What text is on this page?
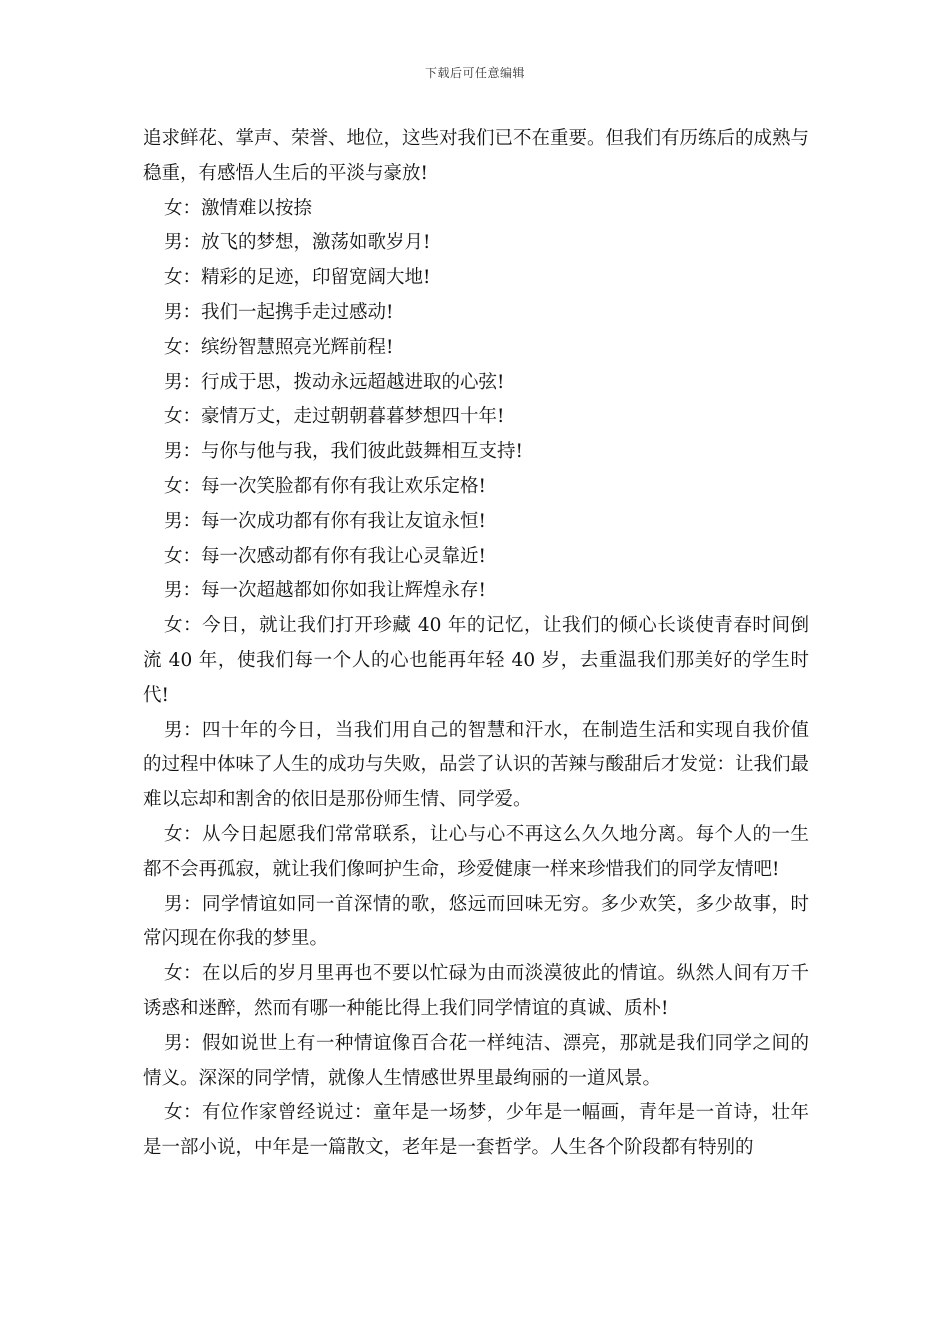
下载后可任意编辑

追求鲜花、掌声、荣誉、地位，这些对我们已不在重要。但我们有历练后的成熟与稳重，有感悟人生后的平淡与豪放!

女：激情难以按捺

男：放飞的梦想，激荡如歌岁月!

女：精彩的足迹，印留宽阔大地!

男：我们一起携手走过感动!

女：缤纷智慧照亮光辉前程!

男：行成于思，拨动永远超越进取的心弦!

女：豪情万丈，走过朝朝暮暮梦想四十年!

男：与你与他与我，我们彼此鼓舞相互支持!

女：每一次笑脸都有你有我让欢乐定格!

男：每一次成功都有你有我让友谊永恒!

女：每一次感动都有你有我让心灵靠近!

男：每一次超越都如你如我让辉煌永存!

女：今日，就让我们打开珍藏 40 年的记忆，让我们的倾心长谈使青春时间倒流 40 年，使我们每一个人的心也能再年轻 40 岁，去重温我们那美好的学生时代!

男：四十年的今日，当我们用自己的智慧和汗水，在制造生活和实现自我价值的过程中体味了人生的成功与失败，品尝了认识的苦辣与酸甜后才发觉：让我们最难以忘却和割舍的依旧是那份师生情、同学爱。

女：从今日起愿我们常常联系，让心与心不再这么久久地分离。每个人的一生都不会再孤寂，就让我们像呵护生命，珍爱健康一样来珍惜我们的同学友情吧!

男：同学情谊如同一首深情的歌，悠远而回味无穷。多少欢笑，多少故事，时常闪现在你我的梦里。

女：在以后的岁月里再也不要以忙碌为由而淡漠彼此的情谊。纵然人间有万千诱惑和迷醉，然而有哪一种能比得上我们同学情谊的真诚、质朴!

男：假如说世上有一种情谊像百合花一样纯洁、漂亮，那就是我们同学之间的情义。深深的同学情，就像人生情感世界里最绚丽的一道风景。

女：有位作家曾经说过：童年是一场梦，少年是一幅画，青年是一首诗，壮年是一部小说，中年是一篇散文，老年是一套哲学。人生各个阶段都有特别的
